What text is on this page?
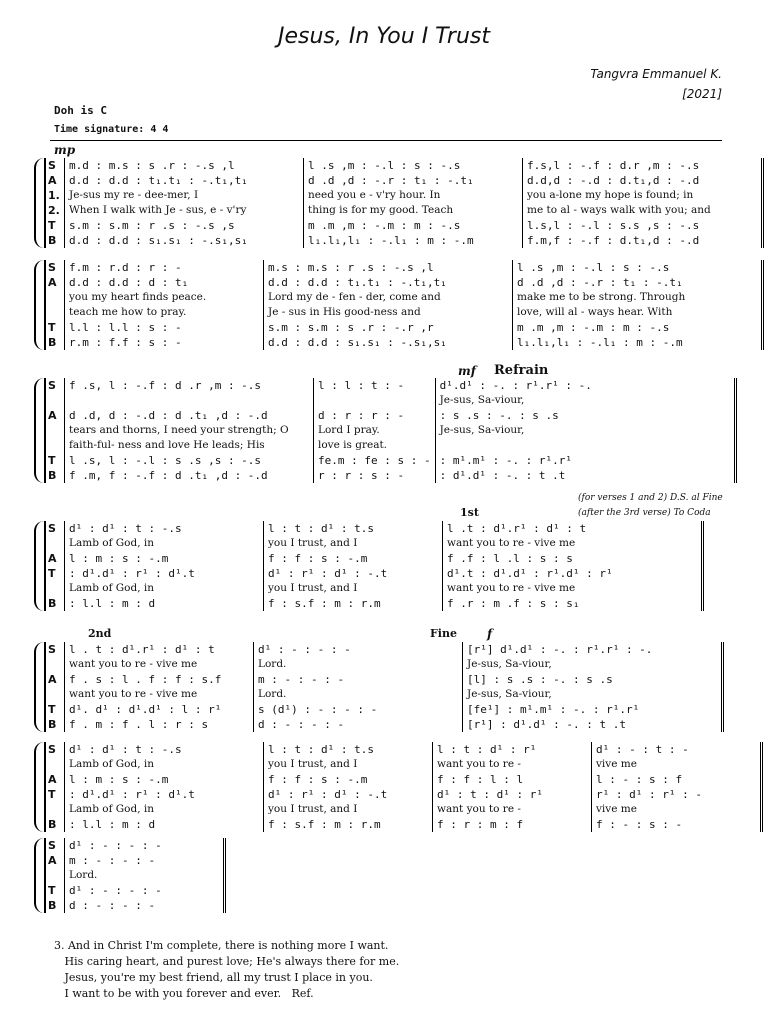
Jesus, In You I Trust
Tangvra Emmanuel K.
[2021]
Doh is C
Time signature: 4 4
mp
S	m.d : m.s : s .r : -.s ,l	l .s ,m : -.l : s : -.s	f.s,l : -.f : d.r ,m : -.s
A	d.d : d.d : t₁.t₁ : -.t₁,t₁	d .d ,d : -.r : t₁ : -.t₁	d.d,d : -.d : d.t₁,d : -.d
1.	Je-sus my re - dee-mer, I	need you e - v'ry hour. In	you a-lone my hope is found; in
2.	When I walk with Je - sus, e - v'ry	thing is for my good. Teach	me to al - ways walk with you; and
T	s.m : s.m : r .s : -.s ,s	m .m ,m : -.m : m : -.s	l.s,l : -.l : s.s ,s : -.s
B	d.d : d.d : s₁.s₁ : -.s₁,s₁	l₁.l₁,l₁ : -.l₁ : m : -.m	f.m,f : -.f : d.t₁,d : -.d
S	f.m : r.d : r : -	m.s : m.s : r .s : -.s ,l	l .s ,m : -.l : s : -.s
A	d.d : d.d : d : t₁	d.d : d.d : t₁.t₁ : -.t₁,t₁	d .d ,d : -.r : t₁ : -.t₁
	you my heart finds peace.	Lord my de - fen - der, come and	make me to be strong. Through
	teach me how to pray.	Je - sus in His good-ness and	love, will al - ways hear. With
T	l.l : l.l : s : -	s.m : s.m : s .r : -.r ,r	m .m ,m : -.m : m : -.s
B	r.m : f.f : s : -	d.d : d.d : s₁.s₁ : -.s₁,s₁	l₁.l₁,l₁ : -.l₁ : m : -.m
S	f .s, l : -.f : d .r ,m : -.s	l : l : t : -	d¹.d¹ : -. : r¹.r¹ : -.
			Je-sus, Sa-viour,
A	d .d, d : -.d : d .t₁ ,d : -.d	d : r : r : -	: s .s : -. : s .s
	tears and thorns, I need your strength; O	Lord I pray.	Je-sus, Sa-viour,
	faith-ful- ness and love He leads; His	love is great.	
T	l .s, l : -.l : s .s ,s : -.s	fe.m : fe : s : -	: m¹.m¹ : -. : r¹.r¹
B	f .m, f : -.f : d .t₁ ,d : -.d	r : r : s : -	: d¹.d¹ : -. : t .t
S	d¹ : d¹ : t : -.s	l : t : d¹ : t.s	l .t : d¹.r¹ : d¹ : t
	Lamb of God, in	you I trust, and I	want you to re - vive me
A	l : m : s : -.m	f : f : s : -.m	f .f : l .l : s : s
T	: d¹.d¹ : r¹ : d¹.t	d¹ : r¹ : d¹ : -.t	d¹.t : d¹.d¹ : r¹.d¹ : r¹
	Lamb of God, in	you I trust, and I	want you to re - vive me
B	: l.l : m : d	f : s.f : m : r.m	f .r : m .f : s : s₁
S	l . t : d¹.r¹ : d¹ : t	d¹ : - : - : -	[r¹] d¹.d¹ : -. : r¹.r¹ : -.
	want you to re - vive me	Lord.	Je-sus, Sa-viour,
A	f . s : l . f : f : s.f	m : - : - : -	[l] : s .s : -. : s .s
	want you to re - vive me	Lord.	Je-sus, Sa-viour,
T	d¹. d¹ : d¹.d¹ : l : r¹	s (d¹) : - : - : -	[fe¹] : m¹.m¹ : -. : r¹.r¹
B	f . m : f . l : r : s	d : - : - : -	[r¹] : d¹.d¹ : -. : t .t
S	d¹ : d¹ : t : -.s	l : t : d¹ : t.s	l : t : d¹ : r¹	d¹ : - : t : -
	Lamb of God, in	you I trust, and I	want you to re -	vive me
A	l : m : s : -.m	f : f : s : -.m	f : f : l : l	l : - : s : f
T	: d¹.d¹ : r¹ : d¹.t	d¹ : r¹ : d¹ : -.t	d¹ : t : d¹ : r¹	r¹ : d¹ : r¹ : -
	Lamb of God, in	you I trust, and I	want you to re -	vive me
B	: l.l : m : d	f : s.f : m : r.m	f : r : m : f	f : - : s : -
S	d¹ : - : - : -
A	m : - : - : -
	Lord.
T	d¹ : - : - : -
B	d : - : - : -
mf Refrain
1st
(for verses 1 and 2) D.S. al Fine
(after the 3rd verse) To Coda
2nd	Fine	f
3. And in Christ I'm complete, there is nothing more I want.
His caring heart, and purest love; He's always there for me.
Jesus, you're my best friend, all my trust I place in you.
I want to be with you forever and ever.   Ref.
